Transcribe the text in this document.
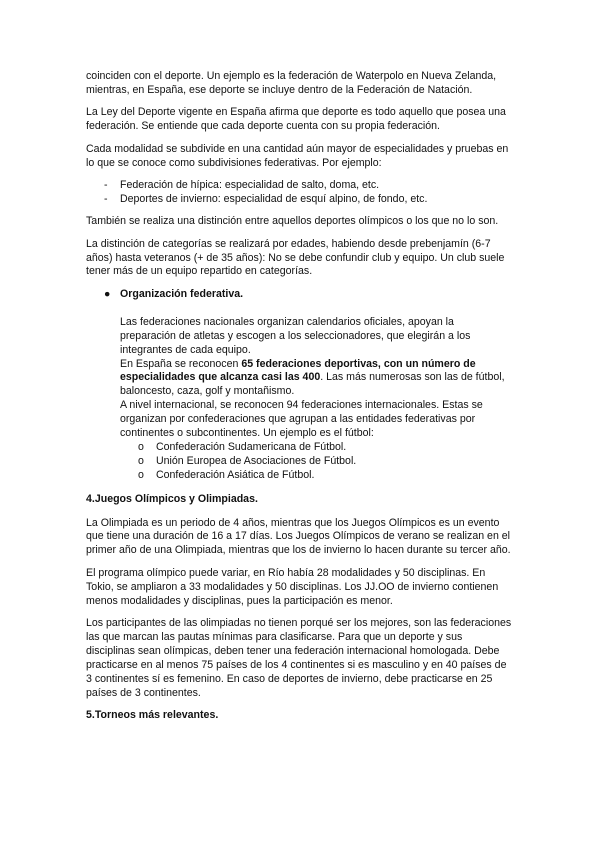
coinciden con el deporte. Un ejemplo es la federación de Waterpolo en Nueva Zelanda, mientras, en España, ese deporte se incluye dentro de la Federación de Natación.

La Ley del Deporte vigente en España afirma que deporte es todo aquello que posea una federación. Se entiende que cada deporte cuenta con su propia federación.

Cada modalidad se subdivide en una cantidad aún mayor de especialidades y pruebas en lo que se conoce como subdivisiones federativas. Por ejemplo:

- Federación de hípica: especialidad de salto, doma, etc.
- Deportes de invierno: especialidad de esquí alpino, de fondo, etc.

También se realiza una distinción entre aquellos deportes olímpicos o los que no lo son.

La distinción de categorías se realizará por edades, habiendo desde prebenjamín (6-7 años) hasta veteranos (+ de 35 años): No se debe confundir club y equipo. Un club suele tener más de un equipo repartido en categorías.

● Organización federativa.

Las federaciones nacionales organizan calendarios oficiales, apoyan la preparación de atletas y escogen a los seleccionadores, que elegirán a los integrantes de cada equipo.

En España se reconocen 65 federaciones deportivas, con un número de especialidades que alcanza casi las 400. Las más numerosas son las de fútbol, baloncesto, caza, golf y montañismo.

A nivel internacional, se reconocen 94 federaciones internacionales. Estas se organizan por confederaciones que agrupan a las entidades federativas por continentes o subcontinentes. Un ejemplo es el fútbol:

o Confederación Sudamericana de Fútbol.
o Unión Europea de Asociaciones de Fútbol.
o Confederación Asiática de Fútbol.
4.Juegos Olímpicos y Olimpiadas.

La Olimpiada es un periodo de 4 años, mientras que los Juegos Olímpicos es un evento que tiene una duración de 16 a 17 días. Los Juegos Olímpicos de verano se realizan en el primer año de una Olimpiada, mientras que los de invierno lo hacen durante su tercer año.

El programa olímpico puede variar, en Río había 28 modalidades y 50 disciplinas. En Tokio, se ampliaron a 33 modalidades y 50 disciplinas. Los JJ.OO de invierno contienen menos modalidades y disciplinas, pues la participación es menor.

Los participantes de las olimpiadas no tienen porqué ser los mejores, son las federaciones las que marcan las pautas mínimas para clasificarse. Para que un deporte y sus disciplinas sean olímpicas, deben tener una federación internacional homologada. Debe practicarse en al menos 75 países de los 4 continentes si es masculino y en 40 países de 3 continentes sí es femenino. En caso de deportes de invierno, debe practicarse en 25 países de 3 continentes.

5.Torneos más relevantes.
